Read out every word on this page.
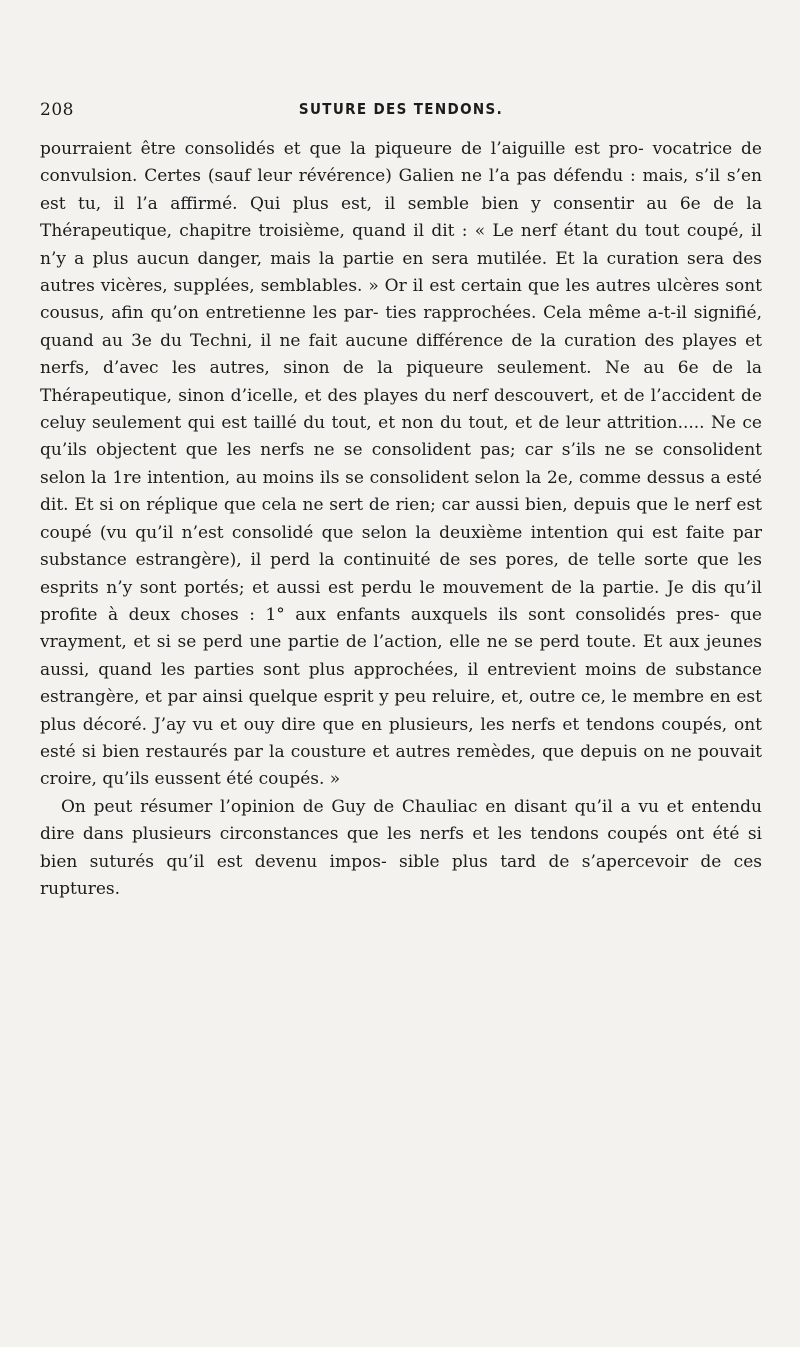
208	SUTURE DES TENDONS.

pourraient être consolidés et que la piqueure de l’aiguille est pro- vocatrice de convulsion. Certes (sauf leur révérence) Galien ne l’a pas défendu : mais, s’il s’en est tu, il l’a affirmé. Qui plus est, il semble bien y consentir au 6e de la Thérapeutique, chapitre troisième, quand il dit : « Le nerf étant du tout coupé, il n’y a plus aucun danger, mais la partie en sera mutilée. Et la curation sera des autres vicères, supplées, semblables. » Or il est certain que les autres ulcères sont cousus, afin qu’on entretienne les par- ties rapprochées. Cela même a-t-il signifié, quand au 3e du Techni, il ne fait aucune différence de la curation des playes et nerfs, d’avec les autres, sinon de la piqueure seulement. Ne au 6e de la Thérapeutique, sinon d’icelle, et des playes du nerf descouvert, et de l’accident de celuy seulement qui est taillé du tout, et non du tout, et de leur attrition..... Ne ce qu’ils objectent que les nerfs ne se consolident pas; car s’ils ne se consolident selon la 1re intention, au moins ils se consolident selon la 2e, comme dessus a esté dit. Et si on réplique que cela ne sert de rien; car aussi bien, depuis que le nerf est coupé (vu qu’il n’est consolidé que selon la deuxième intention qui est faite par substance estrangère), il perd la continuité de ses pores, de telle sorte que les esprits n’y sont portés; et aussi est perdu le mouvement de la partie. Je dis qu’il profite à deux choses : 1° aux enfants auxquels ils sont consolidés pres- que vrayment, et si se perd une partie de l’action, elle ne se perd toute. Et aux jeunes aussi, quand les parties sont plus approchées, il entrevient moins de substance estrangère, et par ainsi quelque esprit y peu reluire, et, outre ce, le membre en est plus décoré. J’ay vu et ouy dire que en plusieurs, les nerfs et tendons coupés, ont esté si bien restaurés par la cousture et autres remèdes, que depuis on ne pouvait croire, qu’ils eussent été coupés. »

On peut résumer l’opinion de Guy de Chauliac en disant qu’il a vu et entendu dire dans plusieurs circonstances que les nerfs et les tendons coupés ont été si bien suturés qu’il est devenu impos- sible plus tard de s’apercevoir de ces ruptures.
